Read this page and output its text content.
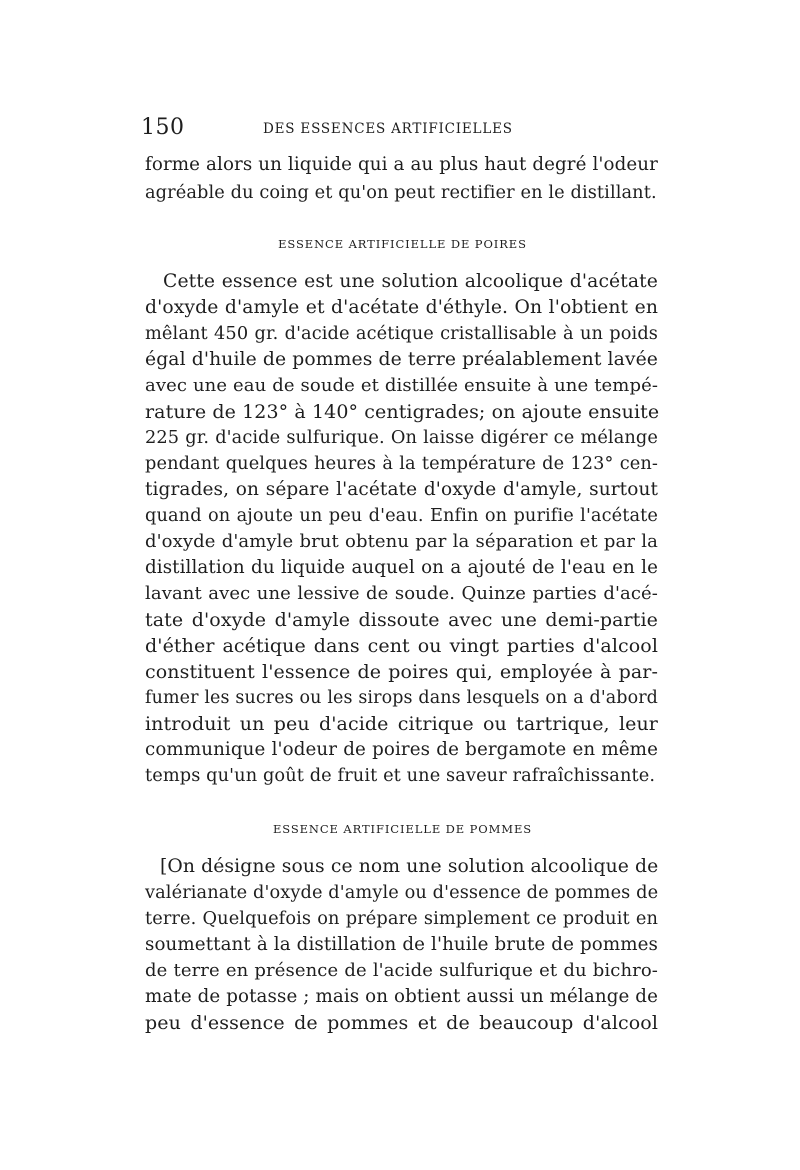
150	DES ESSENCES ARTIFICIELLES
forme alors un liquide qui a au plus haut degré l'odeur
agréable du coing et qu'on peut rectifier en le distillant.
ESSENCE ARTIFICIELLE DE POIRES
Cette essence est une solution alcoolique d'acétate
d'oxyde d'amyle et d'acétate d'éthyle. On l'obtient en
mêlant 450 gr. d'acide acétique cristallisable à un poids
égal d'huile de pommes de terre préalablement lavée
avec une eau de soude et distillée ensuite à une tempé-
rature de 123° à 140° centigrades; on ajoute ensuite
225 gr. d'acide sulfurique. On laisse digérer ce mélange
pendant quelques heures à la température de 123° cen-
tigrades, on sépare l'acétate d'oxyde d'amyle, surtout
quand on ajoute un peu d'eau. Enfin on purifie l'acétate
d'oxyde d'amyle brut obtenu par la séparation et par la
distillation du liquide auquel on a ajouté de l'eau en le
lavant avec une lessive de soude. Quinze parties d'acé-
tate d'oxyde d'amyle dissoute avec une demi-partie
d'éther acétique dans cent ou vingt parties d'alcool
constituent l'essence de poires qui, employée à par-
fumer les sucres ou les sirops dans lesquels on a d'abord
introduit un peu d'acide citrique ou tartrique, leur
communique l'odeur de poires de bergamote en même
temps qu'un goût de fruit et une saveur rafraîchissante.
ESSENCE ARTIFICIELLE DE POMMES
[On désigne sous ce nom une solution alcoolique de
valérianate d'oxyde d'amyle ou d'essence de pommes de
terre. Quelquefois on prépare simplement ce produit en
soumettant à la distillation de l'huile brute de pommes
de terre en présence de l'acide sulfurique et du bichro-
mate de potasse ; mais on obtient aussi un mélange de
peu d'essence de pommes et de beaucoup d'alcool
